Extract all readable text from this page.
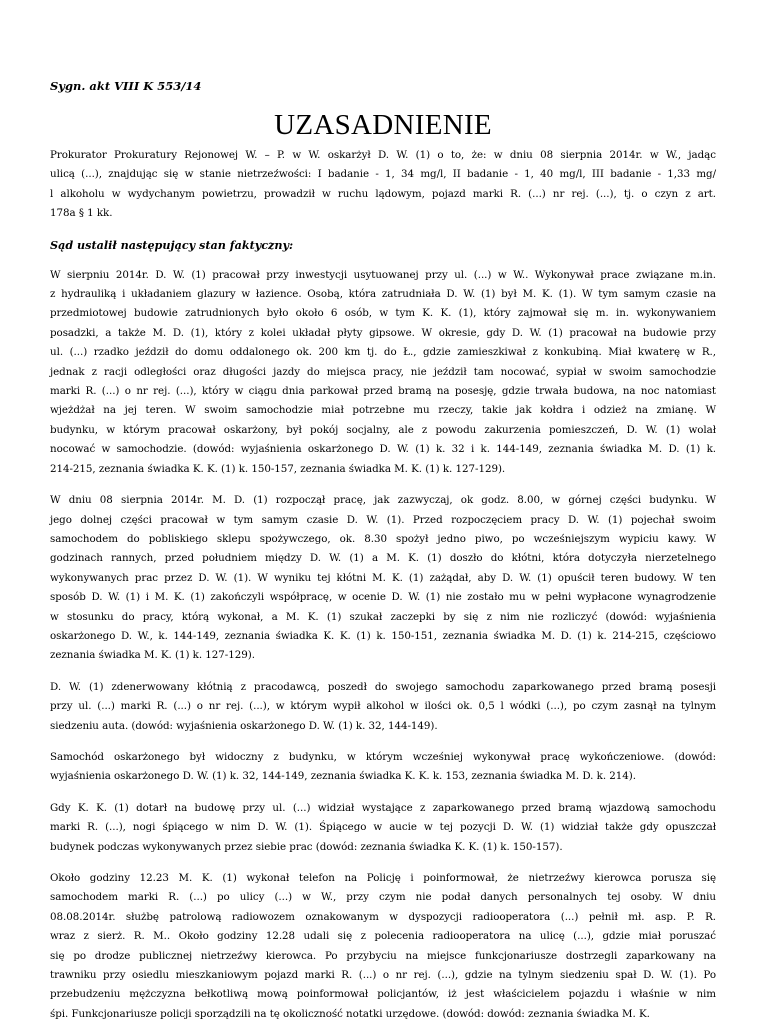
Sygn. akt VIII K 553/14

UZASADNIENIE
Prokurator Prokuratury Rejonowej W. – P. w W. oskarżył D. W. (1) o to, że: w dniu 08 sierpnia 2014r. w W., jadąc
ulicą (...), znajdując się w stanie nietrzeźwości: I badanie - 1, 34 mg/l, II badanie - 1, 40 mg/l, III badanie - 1,33 mg/
l alkoholu w wydychanym powietrzu, prowadził w ruchu lądowym, pojazd marki R. (...) nr rej. (...), tj. o czyn z art.
178a § 1 kk.

Sąd ustalił następujący stan faktyczny:

W sierpniu 2014r. D. W. (1) pracował przy inwestycji usytuowanej przy ul. (...) w W.. Wykonywał prace związane m.in.
z hydrauliką i układaniem glazury w łazience. Osobą, która zatrudniała D. W. (1) był M. K. (1). W tym samym czasie na
przedmiotowej budowie zatrudnionych było około 6 osób, w tym K. K. (1), który zajmował się m. in. wykonywaniem
posadzki, a także M. D. (1), który z kolei układał płyty gipsowe. W okresie, gdy D. W. (1) pracował na budowie przy
ul. (...) rzadko jeździł do domu oddalonego ok. 200 km tj. do Ł., gdzie zamieszkiwał z konkubiną. Miał kwaterę w R.,
jednak z racji odległości oraz długości jazdy do miejsca pracy, nie jeździł tam nocować, sypiał w swoim samochodzie
marki R. (...) o nr rej. (...), który w ciągu dnia parkował przed bramą na posesję, gdzie trwała budowa, na noc natomiast
wjeżdżał na jej teren. W swoim samochodzie miał potrzebne mu rzeczy, takie jak kołdra i odzież na zmianę. W
budynku, w którym pracował oskarżony, był pokój socjalny, ale z powodu zakurzenia pomieszczeń, D. W. (1) wolał
nocować w samochodzie. (dowód: wyjaśnienia oskarżonego D. W. (1) k. 32 i k. 144-149, zeznania świadka M. D. (1) k.
214-215, zeznania świadka K. K. (1) k. 150-157, zeznania świadka M. K. (1) k. 127-129).
W dniu 08 sierpnia 2014r. M. D. (1) rozpoczął pracę, jak zazwyczaj, ok godz. 8.00, w górnej części budynku. W
jego dolnej części pracował w tym samym czasie D. W. (1). Przed rozpoczęciem pracy D. W. (1) pojechał swoim
samochodem do pobliskiego sklepu spożywczego, ok. 8.30 spożył jedno piwo, po wcześniejszym wypiciu kawy. W
godzinach rannych, przed południem między D. W. (1) a M. K. (1) doszło do kłótni, która dotyczyła nierzetelnego
wykonywanych prac przez D. W. (1). W wyniku tej kłótni M. K. (1) zażądał, aby D. W. (1) opuścił teren budowy. W ten
sposób D. W. (1) i M. K. (1) zakończyli współpracę, w ocenie D. W. (1) nie zostało mu w pełni wypłacone wynagrodzenie
w stosunku do pracy, którą wykonał, a M. K. (1) szukał zaczepki by się z nim nie rozliczyć (dowód: wyjaśnienia
oskarżonego D. W., k. 144-149, zeznania świadka K. K. (1) k. 150-151, zeznania świadka M. D. (1) k. 214-215, częściowo
zeznania świadka M. K. (1) k. 127-129).
D. W. (1) zdenerwowany kłótnią z pracodawcą, poszedł do swojego samochodu zaparkowanego przed bramą posesji
przy ul. (...) marki R. (...) o nr rej. (...), w którym wypił alkohol w ilości ok. 0,5 l wódki (...), po czym zasnął na tylnym
siedzeniu auta. (dowód: wyjaśnienia oskarżonego D. W. (1) k. 32, 144-149).
Samochód oskarżonego był widoczny z budynku, w którym wcześniej wykonywał pracę wykończeniowe. (dowód:
wyjaśnienia oskarżonego D. W. (1) k. 32, 144-149, zeznania świadka K. K. k. 153, zeznania świadka M. D. k. 214).
Gdy K. K. (1) dotarł na budowę przy ul. (...) widział wystające z zaparkowanego przed bramą wjazdową samochodu
marki R. (...), nogi śpiącego w nim D. W. (1). Śpiącego w aucie w tej pozycji D. W. (1) widział także gdy opuszczał
budynek podczas wykonywanych przez siebie prac (dowód: zeznania świadka K. K. (1) k. 150-157).
Około godziny 12.23 M. K. (1) wykonał telefon na Policję i poinformował, że nietrzeźwy kierowca porusza się
samochodem marki R. (...) po ulicy (...) w W., przy czym nie podał danych personalnych tej osoby. W dniu
08.08.2014r. służbę patrolową radiowozem oznakowanym w dyspozycji radiooperatora (...) pełnił mł. asp. P. R.
wraz z sierż. R. M.. Około godziny 12.28 udali się z polecenia radiooperatora na ulicę (...), gdzie miał poruszać
się po drodze publicznej nietrzeźwy kierowca. Po przybyciu na miejsce funkcjonariusze dostrzegli zaparkowany na
trawniku przy osiedlu mieszkaniowym pojazd marki R. (...) o nr rej. (...), gdzie na tylnym siedzeniu spał D. W. (1). Po
przebudzeniu mężczyzna bełkotliwą mową poinformował policjantów, iż jest właścicielem pojazdu i właśnie w nim
śpi. Funkcjonariusze policji sporządzili na tę okoliczność notatki urzędowe. (dowód: dowód: zeznania świadka M. K.
